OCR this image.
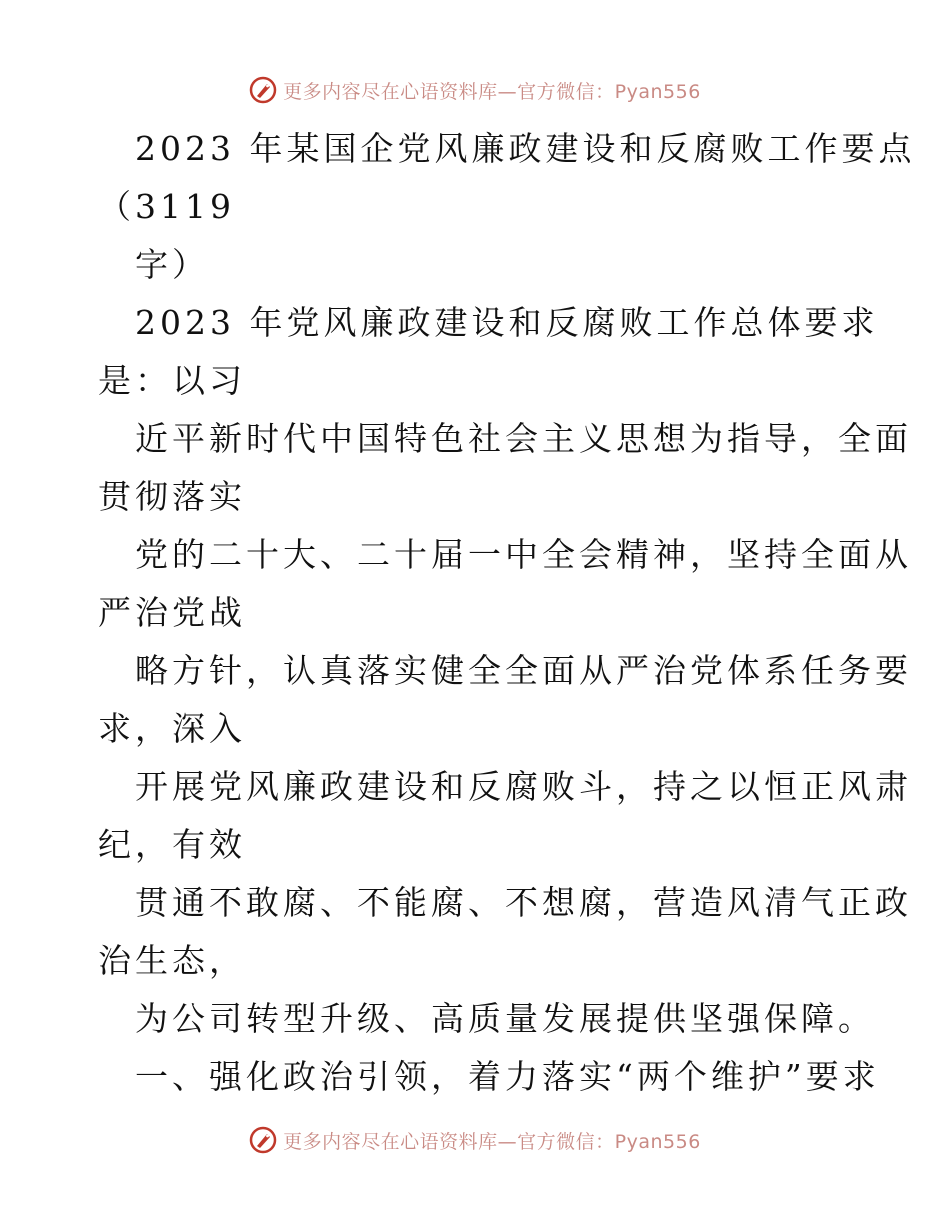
更多内容尽在心语资料库—官方微信：Pyan556
2023 年某国企党风廉政建设和反腐败工作要点
（3119
字）
2023 年党风廉政建设和反腐败工作总体要求
是：以习
近平新时代中国特色社会主义思想为指导，全面
贯彻落实
党的二十大、二十届一中全会精神，坚持全面从
严治党战
略方针，认真落实健全全面从严治党体系任务要
求，深入
开展党风廉政建设和反腐败斗，持之以恒正风肃
纪，有效
贯通不敢腐、不能腐、不想腐，营造风清气正政
治生态，
为公司转型升级、高质量发展提供坚强保障。
一、强化政治引领，着力落实“两个维护”要求
更多内容尽在心语资料库—官方微信：Pyan556
